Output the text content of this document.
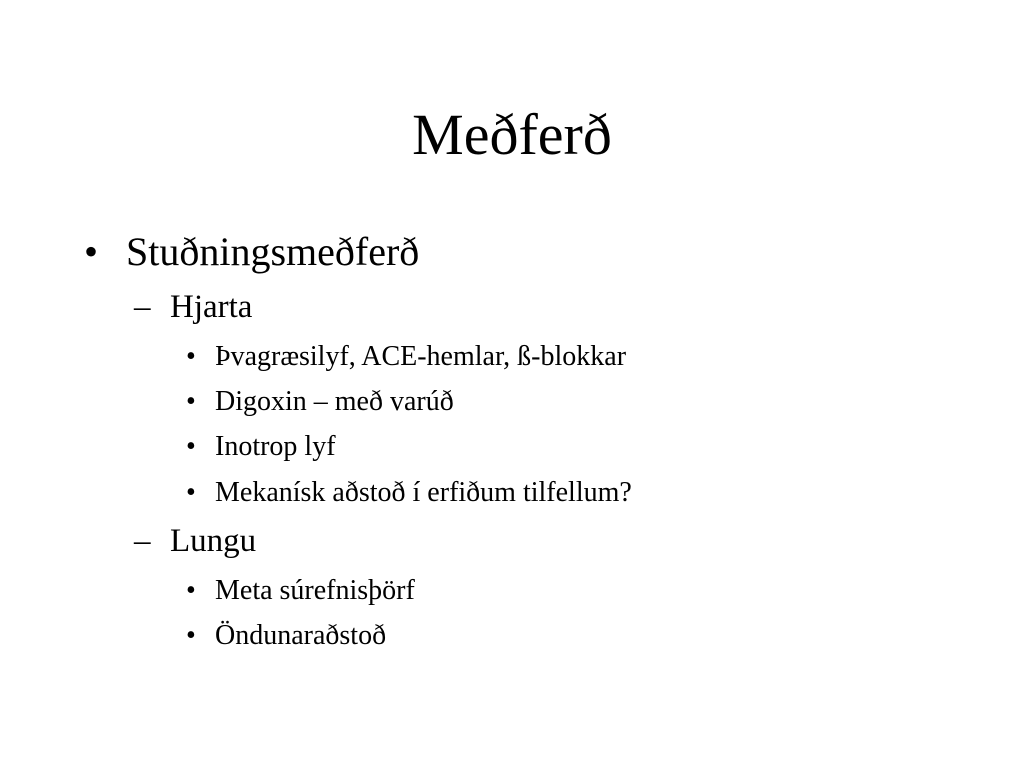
Meðferð
• Stuðningsmeðferð
– Hjarta
• Þvagræsilyf, ACE-hemlar, ß-blokkar
• Digoxin – með varúð
• Inotrop lyf
• Mekanísk aðstoð í erfiðum tilfellum?
– Lungu
• Meta súrefnisþörf
• Öndunaraðstoð
